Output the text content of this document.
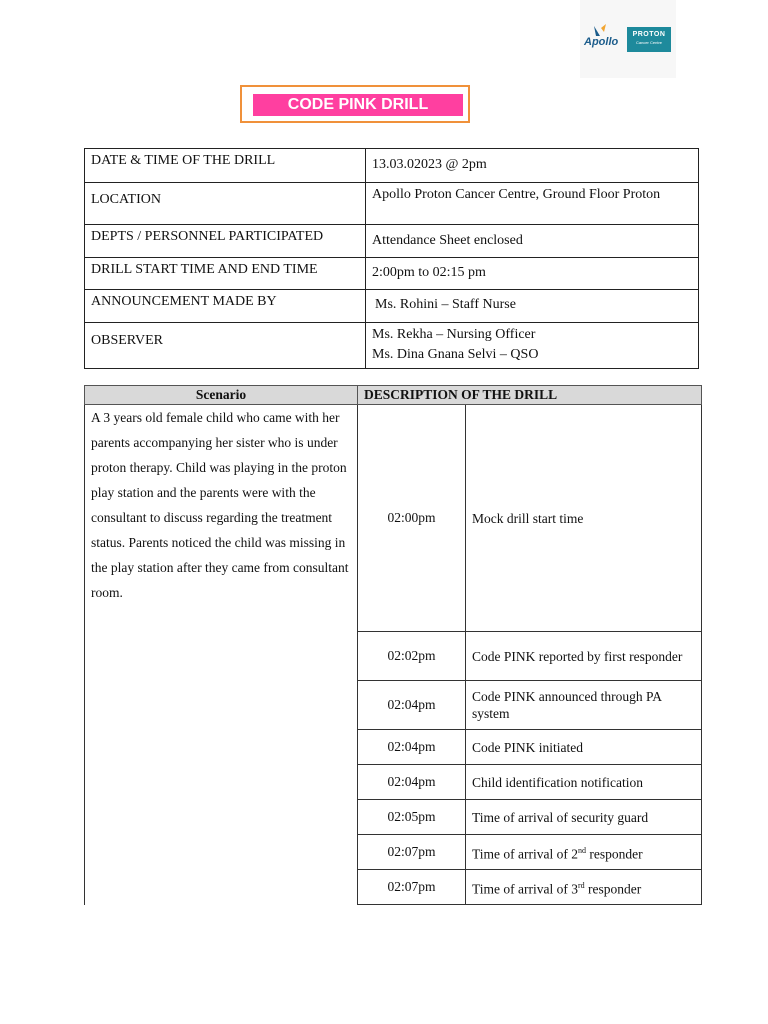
Apollo
PROTON
Cancer Centre
CODE PINK DRILL
DATE & TIME OF THE DRILL	13.03.02023 @ 2pm
LOCATION	Apollo Proton Cancer Centre, Ground Floor Proton
DEPTS / PERSONNEL PARTICIPATED	Attendance Sheet enclosed
DRILL START TIME AND END TIME	2:00pm to 02:15 pm
ANNOUNCEMENT MADE BY	Ms. Rohini – Staff Nurse
OBSERVER	Ms. Rekha – Nursing Officer
Ms. Dina Gnana Selvi – QSO
Scenario	DESCRIPTION OF THE DRILL	
A 3 years old female child who came with her parents accompanying her sister who is under proton therapy. Child was playing in the proton play station and the parents were with the consultant to discuss regarding the treatment status. Parents noticed the child was missing in the play station after they came from consultant room.	02:00pm	Mock drill start time
	02:02pm	Code PINK reported by first responder
	02:04pm	Code PINK announced through PA system
	02:04pm	Code PINK initiated
	02:04pm	Child identification notification
	02:05pm	Time of arrival of security guard
	02:07pm	Time of arrival of 2nd responder
	02:07pm	Time of arrival of 3rd responder
